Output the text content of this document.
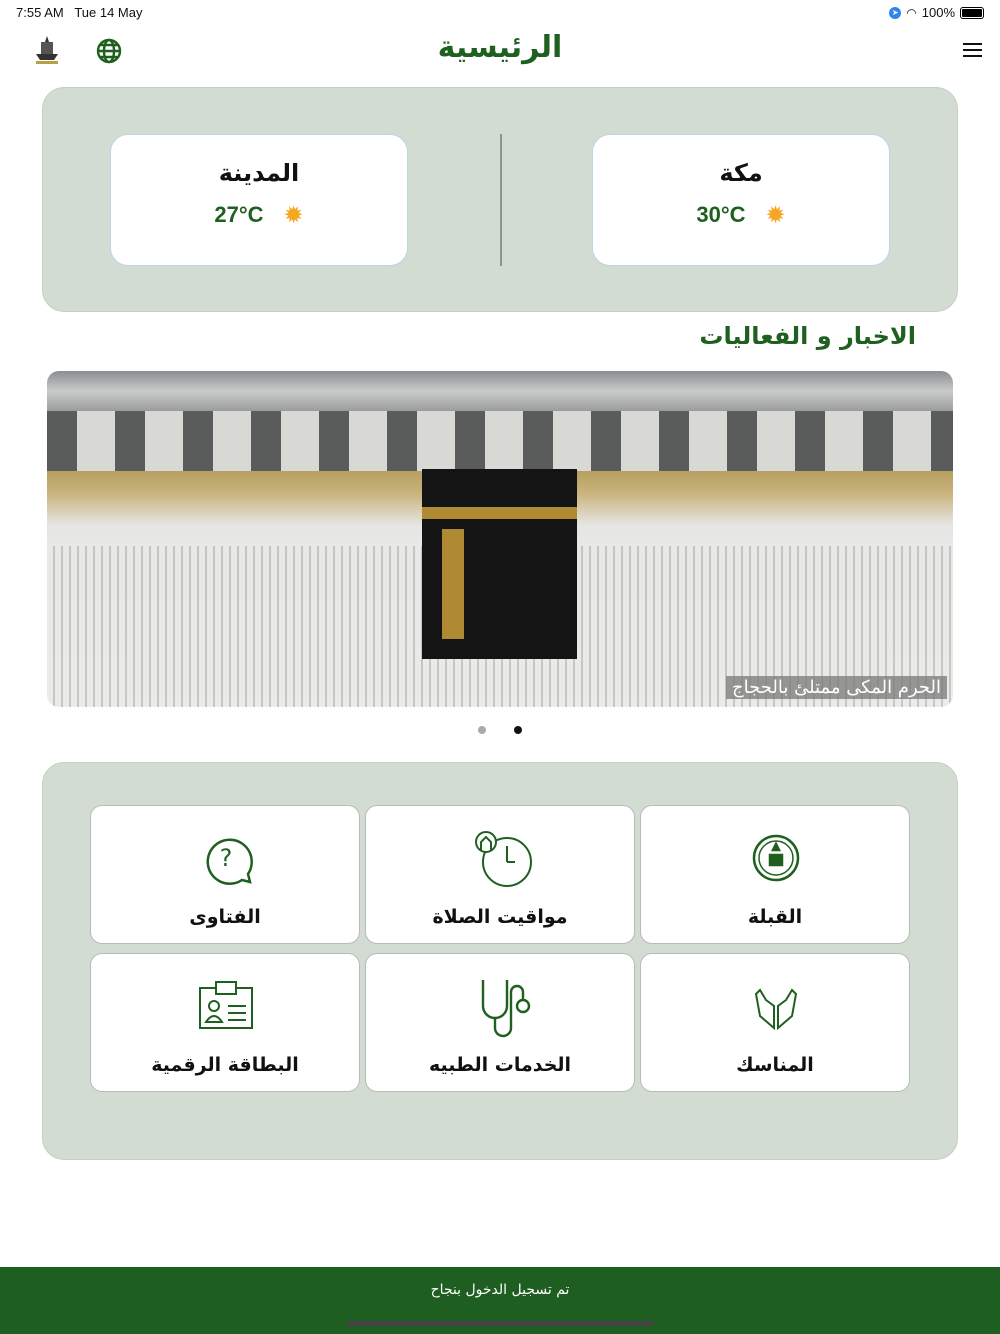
7:55 AM Tue 14 May	➤ ◠ 100%
الرئيسية
مكة
30°C ✹
المدينة
27°C ✹
الاخبار و الفعاليات
الحرم المكى ممتلئ بالحجاج
القبلة
مواقيت الصلاة
?
الفتاوى
المناسك
الخدمات الطبيه
البطاقة الرقمية
تم تسجيل الدخول بنجاح
